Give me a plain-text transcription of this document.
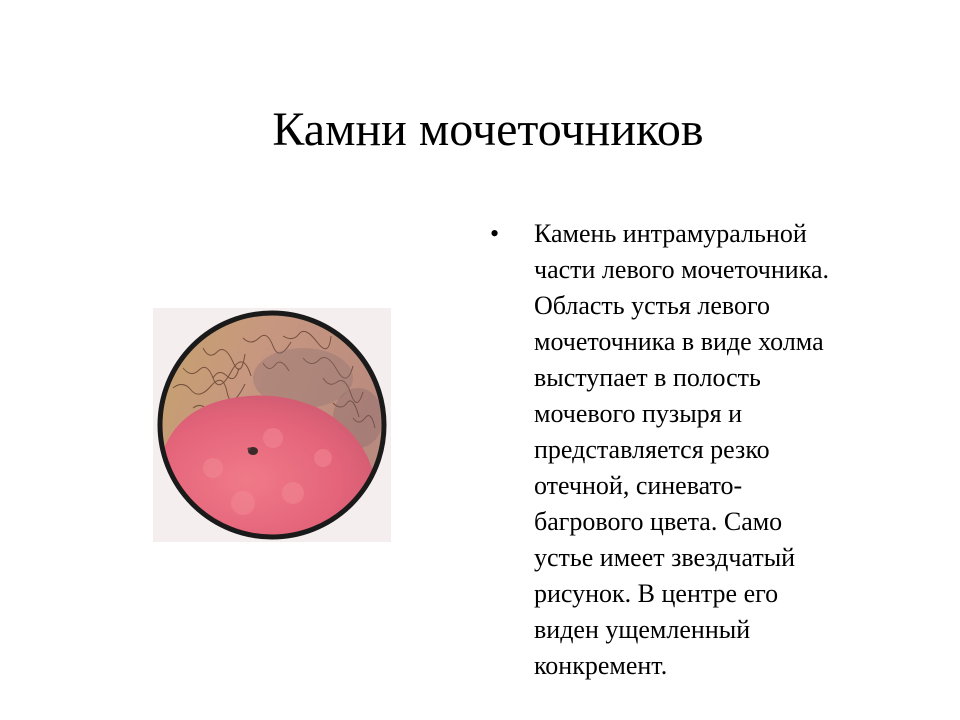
Камни мочеточников
• Камень интрамуральной
части левого мочеточника.
Область устья левого
мочеточника в виде холма
выступает в полость
мочевого пузыря и
представляется резко
отечной, синевато-
багрового цвета. Само
устье имеет звездчатый
рисунок. В центре его
виден ущемленный
конкремент.
